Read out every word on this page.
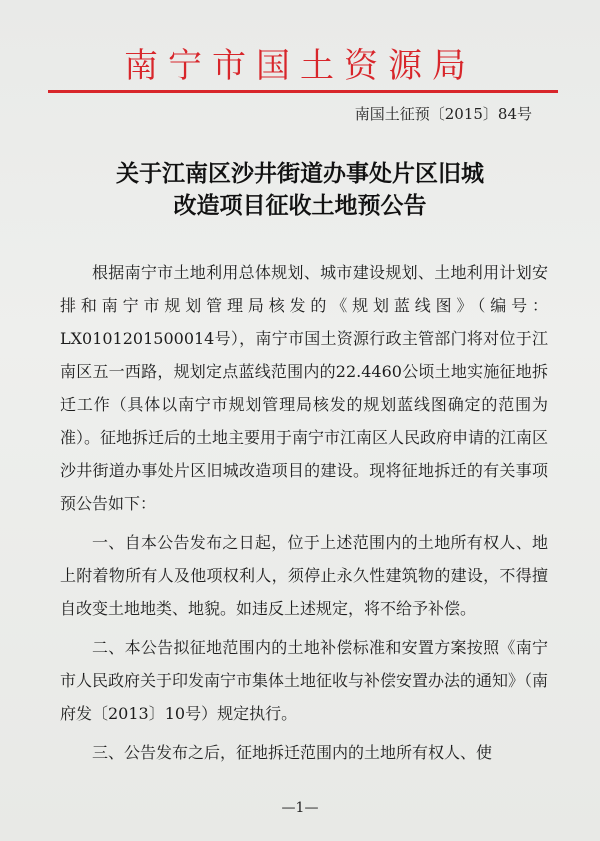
南宁市国土资源局
南国土征预〔2015〕84号
关于江南区沙井街道办事处片区旧城
改造项目征收土地预公告

根据南宁市土地利用总体规划、城市建设规划、土地利用计划安排和南宁市规划管理局核发的《规划蓝线图》（编号：LX0101201500014号），南宁市国土资源行政主管部门将对位于江南区五一西路，规划定点蓝线范围内的22.4460公顷土地实施征地拆迁工作（具体以南宁市规划管理局核发的规划蓝线图确定的范围为准）。征地拆迁后的土地主要用于南宁市江南区人民政府申请的江南区沙井街道办事处片区旧城改造项目的建设。现将征地拆迁的有关事项预公告如下：

一、自本公告发布之日起，位于上述范围内的土地所有权人、地上附着物所有人及他项权利人，须停止永久性建筑物的建设，不得擅自改变土地地类、地貌。如违反上述规定，将不给予补偿。

二、本公告拟征地范围内的土地补偿标准和安置方案按照《南宁市人民政府关于印发南宁市集体土地征收与补偿安置办法的通知》（南府发〔2013〕10号）规定执行。

三、公告发布之后，征地拆迁范围内的土地所有权人、使

—1—
